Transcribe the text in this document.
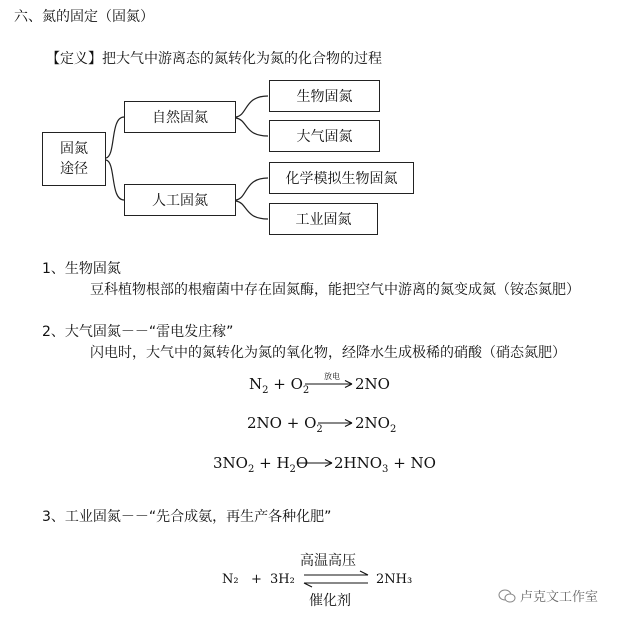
六、氮的固定（固氮）
【定义】把大气中游离态的氮转化为氮的化合物的过程
固氮
途径
自然固氮
人工固氮
生物固氮
大气固氮
化学模拟生物固氮
工业固氮
1、生物固氮
豆科植物根部的根瘤菌中存在固氮酶，能把空气中游离的氮变成氮（铵态氮肥）
2、大气固氮－－“雷电发庄稼”
闪电时，大气中的氮转化为氮的氧化物，经降水生成极稀的硝酸（硝态氮肥）
$N_2 + O_2$
放电	2NO
$2NO + O_2$ $2NO_2$
$3NO_2 + H_2O$ $2HNO_3$ + NO
3、工业固氮－－“先合成氨，再生产各种化肥”
高温高压
N₂ + 3H₂	2NH₃
催化剂	卢克文工作室
